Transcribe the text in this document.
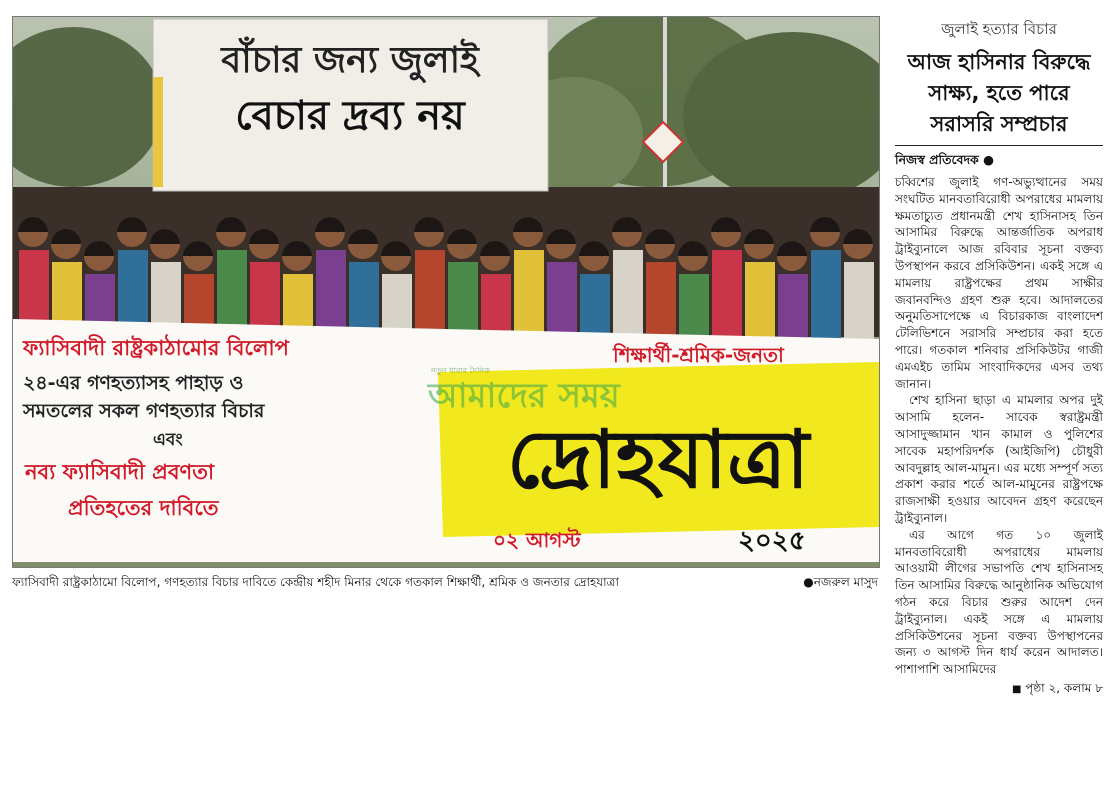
বাঁচার জন্য জুলাই
বেচার দ্রব্য নয়
ফ্যাসিবাদী রাষ্ট্রকাঠামোর বিলোপ
২৪-এর গণহত্যাসহ পাহাড় ও
সমতলের সকল গণহত্যার বিচার
এবং
নব্য ফ্যাসিবাদী প্রবণতা
প্রতিহতের দাবিতে
শিক্ষার্থী-শ্রমিক-জনতা
দ্রোহযাত্রা
০২ আগস্ট	২০২৫
নতুন ধারার দৈনিক
আমাদের সময়
ফ্যাসিবাদী রাষ্ট্রকাঠামো বিলোপ, গণহত্যার বিচার দাবিতে কেন্দ্রীয় শহীদ মিনার থেকে গতকাল শিক্ষার্থী, শ্রমিক ও জনতার দ্রোহযাত্রা
●	নজরুল মাসুদ
জুলাই হত্যার বিচার
আজ হাসিনার বিরুদ্ধে সাক্ষ্য, হতে পারে সরাসরি সম্প্রচার
নিজস্ব প্রতিবেদক ●

চব্বিশের জুলাই গণ-অভ্যুত্থানের সময় সংঘটিত মানবতাবিরোধী অপরাধের মামলায় ক্ষমতাচ্যুত প্রধানমন্ত্রী শেখ হাসিনাসহ তিন আসামির বিরুদ্ধে আন্তর্জাতিক অপরাধ ট্রাইব্যুনালে আজ রবিবার সূচনা বক্তব্য উপস্থাপন করবে প্রসিকিউশন। একই সঙ্গে এ মামলায় রাষ্ট্রপক্ষের প্রথম সাক্ষীর জবানবন্দিও গ্রহণ শুরু হবে। আদালতের অনুমতিসাপেক্ষে এ বিচারকাজ বাংলাদেশ টেলিভিশনে সরাসরি সম্প্রচার করা হতে পারে। গতকাল শনিবার প্রসিকিউটর গাজী এমএইচ তামিম সাংবাদিকদের এসব তথ্য জানান।

শেখ হাসিনা ছাড়া এ মামলার অপর দুই আসামি হলেন- সাবেক স্বরাষ্ট্রমন্ত্রী আসাদুজ্জামান খান কামাল ও পুলিশের সাবেক মহাপরিদর্শক (আইজিপি) চৌধুরী আবদুল্লাহ আল-মামুন। এর মধ্যে সম্পূর্ণ সত্য প্রকাশ করার শর্তে আল-মামুনের রাষ্ট্রপক্ষে রাজসাক্ষী হওয়ার আবেদন গ্রহণ করেছেন ট্রাইব্যুনাল।

এর আগে গত ১০ জুলাই মানবতাবিরোধী অপরাধের মামলায় আওয়ামী লীগের সভাপতি শেখ হাসিনাসহ তিন আসামির বিরুদ্ধে আনুষ্ঠানিক অভিযোগ গঠন করে বিচার শুরুর আদেশ দেন ট্রাইব্যুনাল। একই সঙ্গে এ মামলায় প্রসিকিউশনের সূচনা বক্তব্য উপস্থাপনের জন্য ৩ আগস্ট দিন ধার্য করেন আদালত। পাশাপাশি আসামিদের

■ পৃষ্ঠা ২, কলাম ৮
